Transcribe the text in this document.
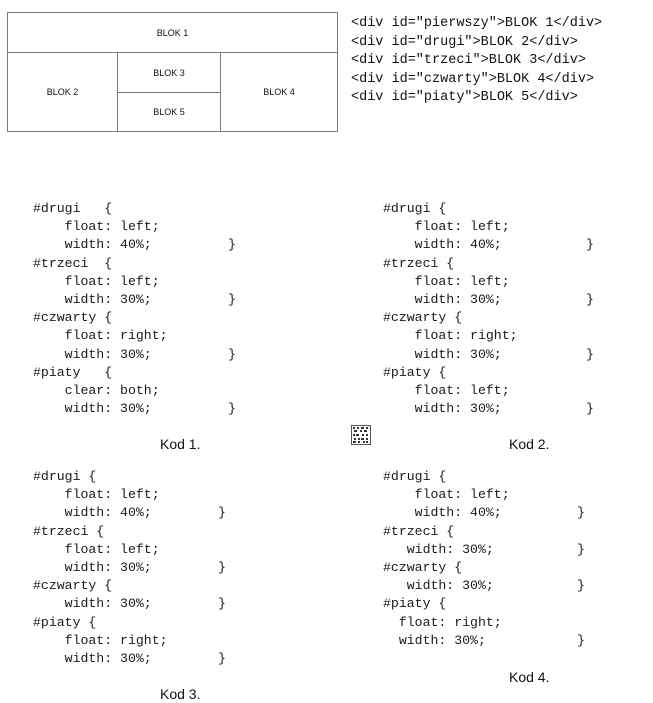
BLOK 1
BLOK 2
BLOK 3
BLOK 5
BLOK 4
<div id="pierwszy">BLOK 1</div>
<div id="drugi">BLOK 2</div>
<div id="trzeci">BLOK 3</div>
<div id="czwarty">BLOK 4</div>
<div id="piaty">BLOK 5</div>
#drugi   {
float: left;
width: 40%;	}
#trzeci  {
float: left;
width: 30%;	}
#czwarty {
float: right;
width: 30%;	}
#piaty   {
clear: both;
width: 30%;	}
Kod 1.
#drugi {
float: left;
width: 40%;	}
#trzeci {
float: left;
width: 30%;	}
#czwarty {
float: right;
width: 30%;	}
#piaty {
float: left;
width: 30%;	}
Kod 2.
#drugi {
float: left;
width: 40%;	}
#trzeci {
float: left;
width: 30%;	}
#czwarty {
width: 30%;	}
#piaty {
float: right;
width: 30%;	}
Kod 3.
#drugi {
float: left;
width: 40%;	}
#trzeci {
width: 30%;	}
#czwarty {
width: 30%;	}
#piaty {
float: right;
width: 30%;	}
Kod 4.
